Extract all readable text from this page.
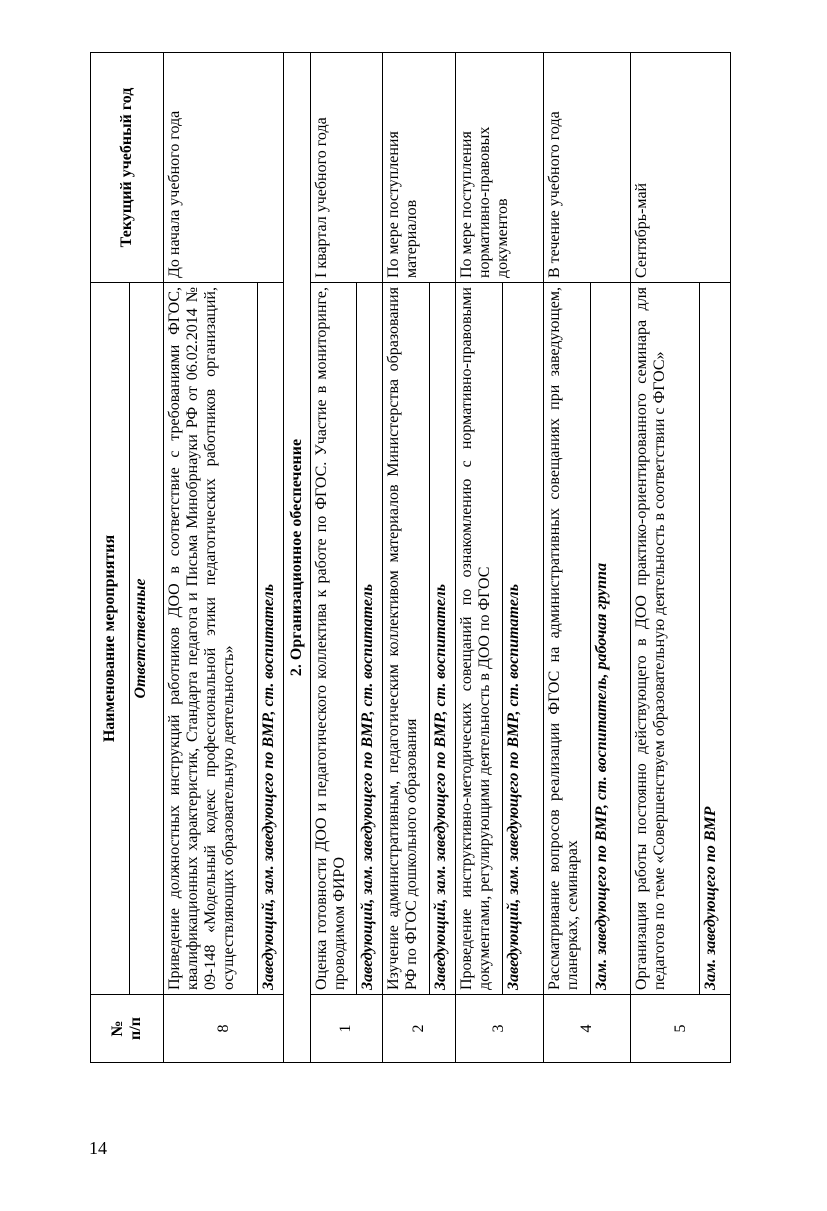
14
№
п/п	Наименование мероприятия	Текущий учебный год
	Ответственные	
8	Приведение должностных инструкций работников ДОО в соответствие с требованиями ФГОС, квалификационных характеристик, Стандарта педагога и Письма Минобрнауки РФ от 06.02.2014 № 09-148 «Модельный кодекс профессиональной этики педагогических работников организаций, осуществляющих образовательную деятельность»	До начала учебного года
	Заведующий, зам. заведующего по ВМР, ст. воспитатель	
2. Организационное обеспечение		
1	Оценка готовности ДОО и педагогического коллектива к работе по ФГОС. Участие в мониторинге, проводимом ФИРО	I квартал учебного года
	Заведующий, зам. заведующего по ВМР, ст. воспитатель	
2	Изучение административным, педагогическим коллективом материалов Министерства образования РФ по ФГОС дошкольного образования	По мере поступления материалов
	Заведующий, зам. заведующего по ВМР, ст. воспитатель	
3	Проведение инструктивно-методических совещаний по ознакомлению с нормативно-правовыми документами, регулирующими деятельность в ДОО по ФГОС	По мере поступления нормативно-правовых документов
	Заведующий, зам. заведующего по ВМР, ст. воспитатель	
4	Рассматривание вопросов реализации ФГОС на административных совещаниях при заведующем, планерках, семинарах	В течение учебного года
	Зам. заведующего по ВМР, ст. воспитатель, рабочая группа	
5	Организация работы постоянно действующего в ДОО практико-ориентированного семинара для педагогов по теме «Совершенствуем образовательную деятельность в соответствии с ФГОС»	Сентябрь-май
	Зам. заведующего по ВМР	
